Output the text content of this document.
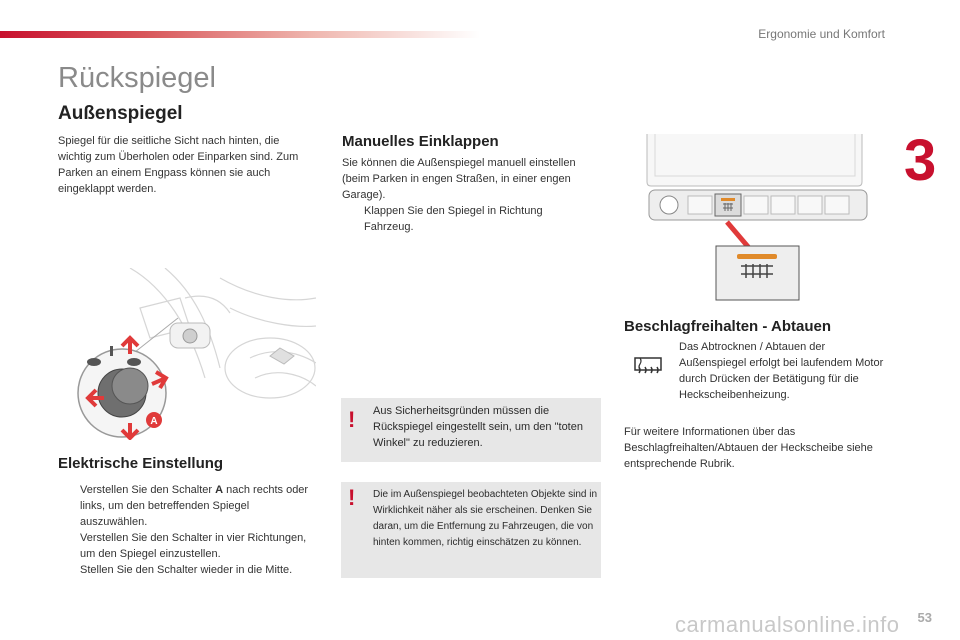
Ergonomie und Komfort
3
Rückspiegel
Außenspiegel
Spiegel für die seitliche Sicht nach hinten, die wichtig zum Überholen oder Einparken sind. Zum Parken an einem Engpass können sie auch eingeklappt werden.
Manuelles Einklappen
Sie können die Außenspiegel manuell einstellen (beim Parken in engen Straßen, in einer engen Garage).
Klappen Sie den Spiegel in Richtung Fahrzeug.
A
Elektrische Einstellung
Verstellen Sie den Schalter A nach rechts oder links, um den betreffenden Spiegel auszuwählen.
Verstellen Sie den Schalter in vier Richtungen, um den Spiegel einzustellen.
Stellen Sie den Schalter wieder in die Mitte.
! Aus Sicherheitsgründen müssen die Rückspiegel eingestellt sein, um den "toten Winkel" zu reduzieren.
! Die im Außenspiegel beobachteten Objekte sind in Wirklichkeit näher als sie erscheinen. Denken Sie daran, um die Entfernung zu Fahrzeugen, die von hinten kommen, richtig einschätzen zu können.
Beschlagfreihalten - Abtauen
Das Abtrocknen / Abtauen der Außenspiegel erfolgt bei laufendem Motor durch Drücken der Betätigung für die Heckscheibenheizung.
Für weitere Informationen über das Beschlagfreihalten/Abtauen der Heckscheibe siehe entsprechende Rubrik.
53
carmanualsonline.info
